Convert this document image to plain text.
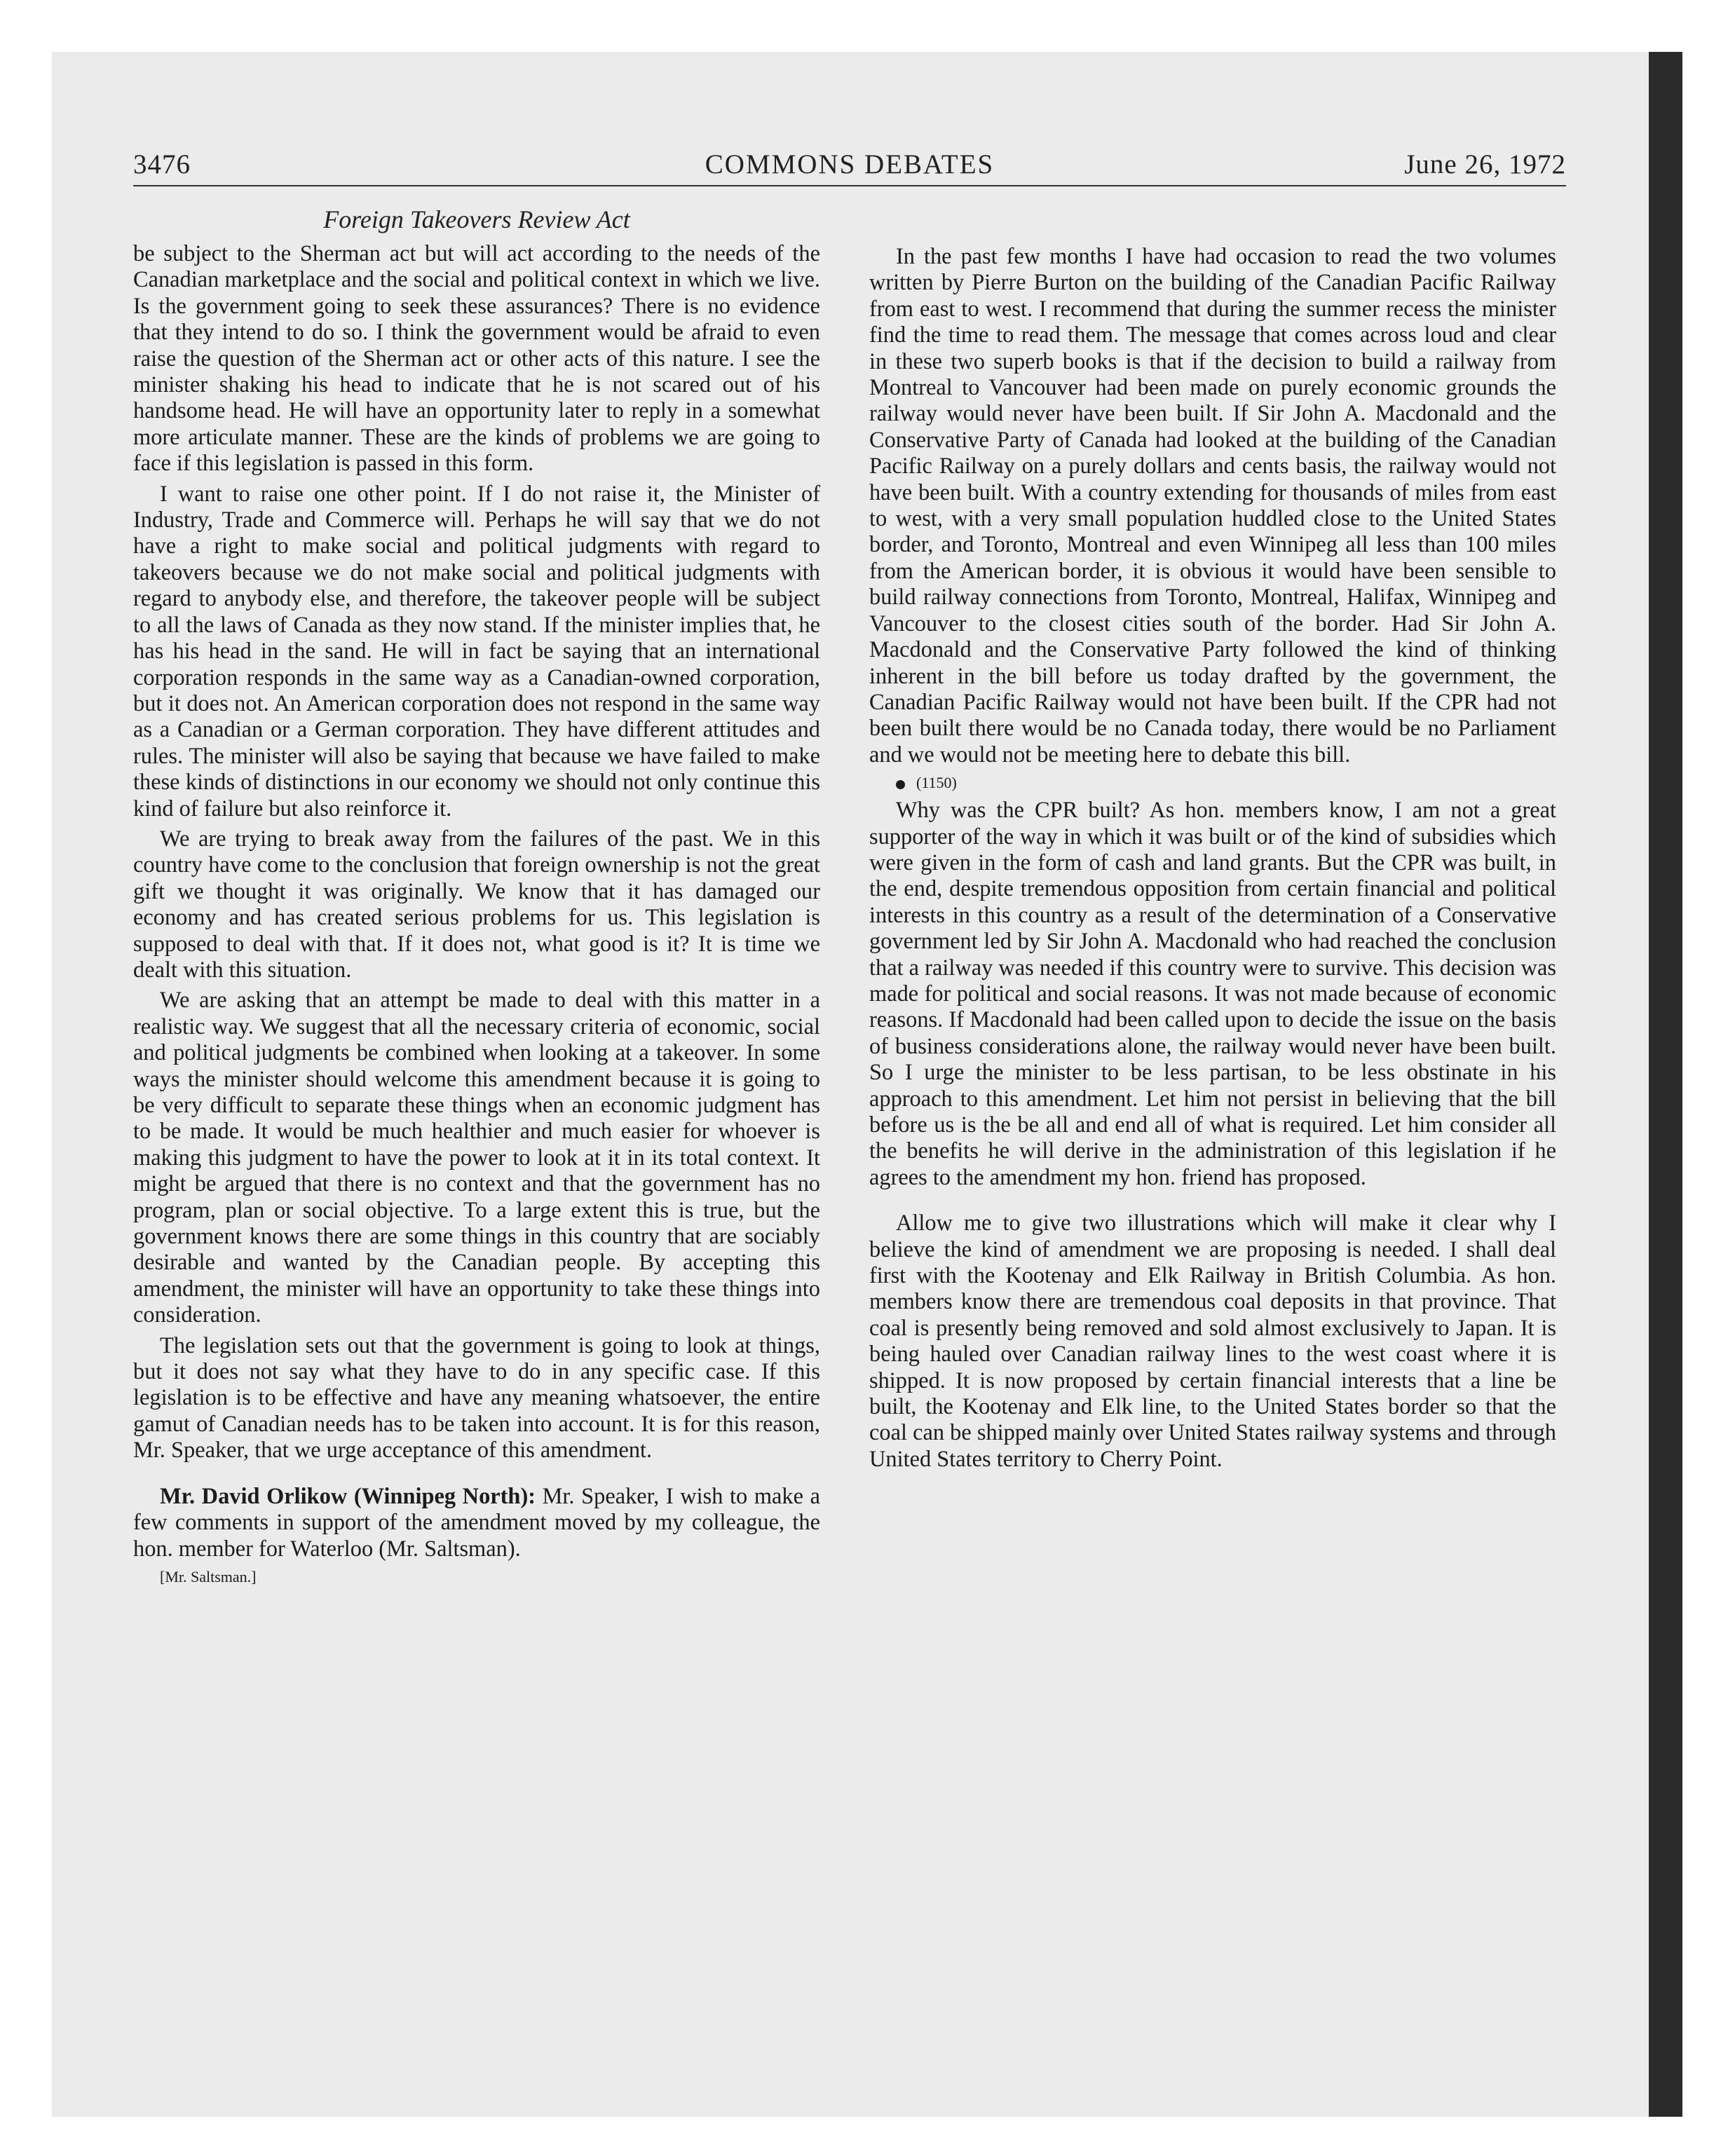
3476	COMMONS DEBATES	June 26, 1972
Foreign Takeovers Review Act

be subject to the Sherman act but will act according to the needs of the Canadian marketplace and the social and political context in which we live. Is the government going to seek these assurances? There is no evidence that they intend to do so. I think the government would be afraid to even raise the question of the Sherman act or other acts of this nature. I see the minister shaking his head to indicate that he is not scared out of his handsome head. He will have an opportunity later to reply in a somewhat more articulate manner. These are the kinds of problems we are going to face if this legislation is passed in this form.

I want to raise one other point. If I do not raise it, the Minister of Industry, Trade and Commerce will. Perhaps he will say that we do not have a right to make social and political judgments with regard to takeovers because we do not make social and political judgments with regard to anybody else, and therefore, the takeover people will be subject to all the laws of Canada as they now stand. If the minister implies that, he has his head in the sand. He will in fact be saying that an international corporation responds in the same way as a Canadian-owned corporation, but it does not. An American corporation does not respond in the same way as a Canadian or a German corporation. They have different attitudes and rules. The minister will also be saying that because we have failed to make these kinds of distinctions in our economy we should not only continue this kind of failure but also reinforce it.

We are trying to break away from the failures of the past. We in this country have come to the conclusion that foreign ownership is not the great gift we thought it was originally. We know that it has damaged our economy and has created serious problems for us. This legislation is supposed to deal with that. If it does not, what good is it? It is time we dealt with this situation.

We are asking that an attempt be made to deal with this matter in a realistic way. We suggest that all the necessary criteria of economic, social and political judgments be combined when looking at a takeover. In some ways the minister should welcome this amendment because it is going to be very difficult to separate these things when an economic judgment has to be made. It would be much healthier and much easier for whoever is making this judgment to have the power to look at it in its total context. It might be argued that there is no context and that the government has no program, plan or social objective. To a large extent this is true, but the government knows there are some things in this country that are sociably desirable and wanted by the Canadian people. By accepting this amendment, the minister will have an opportunity to take these things into consideration.

The legislation sets out that the government is going to look at things, but it does not say what they have to do in any specific case. If this legislation is to be effective and have any meaning whatsoever, the entire gamut of Canadian needs has to be taken into account. It is for this reason, Mr. Speaker, that we urge acceptance of this amendment.

Mr. David Orlikow (Winnipeg North): Mr. Speaker, I wish to make a few comments in support of the amendment moved by my colleague, the hon. member for Waterloo (Mr. Saltsman).

[Mr. Saltsman.]

In the past few months I have had occasion to read the two volumes written by Pierre Burton on the building of the Canadian Pacific Railway from east to west. I recommend that during the summer recess the minister find the time to read them. The message that comes across loud and clear in these two superb books is that if the decision to build a railway from Montreal to Vancouver had been made on purely economic grounds the railway would never have been built. If Sir John A. Macdonald and the Conservative Party of Canada had looked at the building of the Canadian Pacific Railway on a purely dollars and cents basis, the railway would not have been built. With a country extending for thousands of miles from east to west, with a very small population huddled close to the United States border, and Toronto, Montreal and even Winnipeg all less than 100 miles from the American border, it is obvious it would have been sensible to build railway connections from Toronto, Montreal, Halifax, Winnipeg and Vancouver to the closest cities south of the border. Had Sir John A. Macdonald and the Conservative Party followed the kind of thinking inherent in the bill before us today drafted by the government, the Canadian Pacific Railway would not have been built. If the CPR had not been built there would be no Canada today, there would be no Parliament and we would not be meeting here to debate this bill.

(1150)

Why was the CPR built? As hon. members know, I am not a great supporter of the way in which it was built or of the kind of subsidies which were given in the form of cash and land grants. But the CPR was built, in the end, despite tremendous opposition from certain financial and political interests in this country as a result of the determination of a Conservative government led by Sir John A. Macdonald who had reached the conclusion that a railway was needed if this country were to survive. This decision was made for political and social reasons. It was not made because of economic reasons. If Macdonald had been called upon to decide the issue on the basis of business considerations alone, the railway would never have been built. So I urge the minister to be less partisan, to be less obstinate in his approach to this amendment. Let him not persist in believing that the bill before us is the be all and end all of what is required. Let him consider all the benefits he will derive in the administration of this legislation if he agrees to the amendment my hon. friend has proposed.

Allow me to give two illustrations which will make it clear why I believe the kind of amendment we are proposing is needed. I shall deal first with the Kootenay and Elk Railway in British Columbia. As hon. members know there are tremendous coal deposits in that province. That coal is presently being removed and sold almost exclusively to Japan. It is being hauled over Canadian railway lines to the west coast where it is shipped. It is now proposed by certain financial interests that a line be built, the Kootenay and Elk line, to the United States border so that the coal can be shipped mainly over United States railway systems and through United States territory to Cherry Point.
